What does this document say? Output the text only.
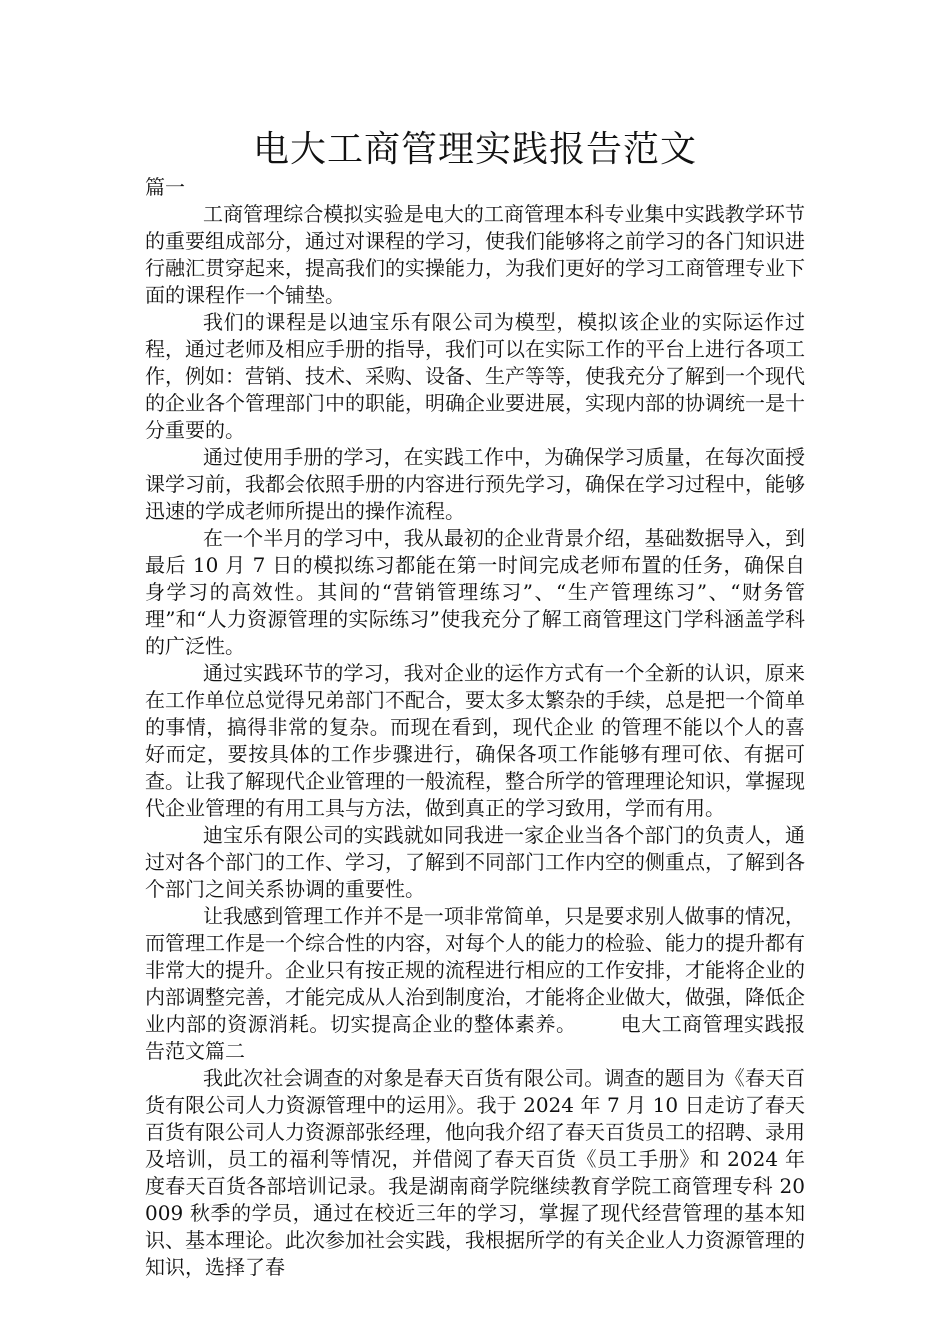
电大工商管理实践报告范文

篇一

工商管理综合模拟实验是电大的工商管理本科专业集中实践教学环节的重要组成部分，通过对课程的学习，使我们能够将之前学习的各门知识进行融汇贯穿起来，提高我们的实操能力，为我们更好的学习工商管理专业下面的课程作一个铺垫。

我们的课程是以迪宝乐有限公司为模型，模拟该企业的实际运作过程，通过老师及相应手册的指导，我们可以在实际工作的平台上进行各项工作，例如：营销、技术、采购、设备、生产等等，使我充分了解到一个现代的企业各个管理部门中的职能，明确企业要进展，实现内部的协调统一是十分重要的。

通过使用手册的学习，在实践工作中，为确保学习质量，在每次面授课学习前，我都会依照手册的内容进行预先学习，确保在学习过程中，能够迅速的学成老师所提出的操作流程。

在一个半月的学习中，我从最初的企业背景介绍，基础数据导入，到最后 10 月 7 日的模拟练习都能在第一时间完成老师布置的任务，确保自身学习的高效性。其间的“营销管理练习”、“生产管理练习”、“财务管理”和“人力资源管理的实际练习”使我充分了解工商管理这门学科涵盖学科的广泛性。

通过实践环节的学习，我对企业的运作方式有一个全新的认识，原来在工作单位总觉得兄弟部门不配合，要太多太繁杂的手续，总是把一个简单的事情，搞得非常的复杂。而现在看到，现代企业 的管理不能以个人的喜好而定，要按具体的工作步骤进行，确保各项工作能够有理可依、有据可查。让我了解现代企业管理的一般流程，整合所学的管理理论知识，掌握现代企业管理的有用工具与方法，做到真正的学习致用，学而有用。

迪宝乐有限公司的实践就如同我进一家企业当各个部门的负责人，通过对各个部门的工作、学习，了解到不同部门工作内空的侧重点，了解到各个部门之间关系协调的重要性。

让我感到管理工作并不是一项非常简单，只是要求别人做事的情况，而管理工作是一个综合性的内容，对每个人的能力的检验、能力的提升都有非常大的提升。企业只有按正规的流程进行相应的工作安排，才能将企业的内部调整完善，才能完成从人治到制度治，才能将企业做大，做强，降低企业内部的资源消耗。切实提高企业的整体素养。 电大工商管理实践报告范文篇二

我此次社会调查的对象是春天百货有限公司。调查的题目为《春天百货有限公司人力资源管理中的运用》。我于 2024 年 7 月 10 日走访了春天百货有限公司人力资源部张经理，他向我介绍了春天百货员工的招聘、录用及培训，员工的福利等情况，并借阅了春天百货《员工手册》和 2024 年度春天百货各部培训记录。我是湖南商学院继续教育学院工商管理专科 20009 秋季的学员，通过在校近三年的学习，掌握了现代经营管理的基本知识、基本理论。此次参加社会实践，我根据所学的有关企业人力资源管理的知识，选择了春
